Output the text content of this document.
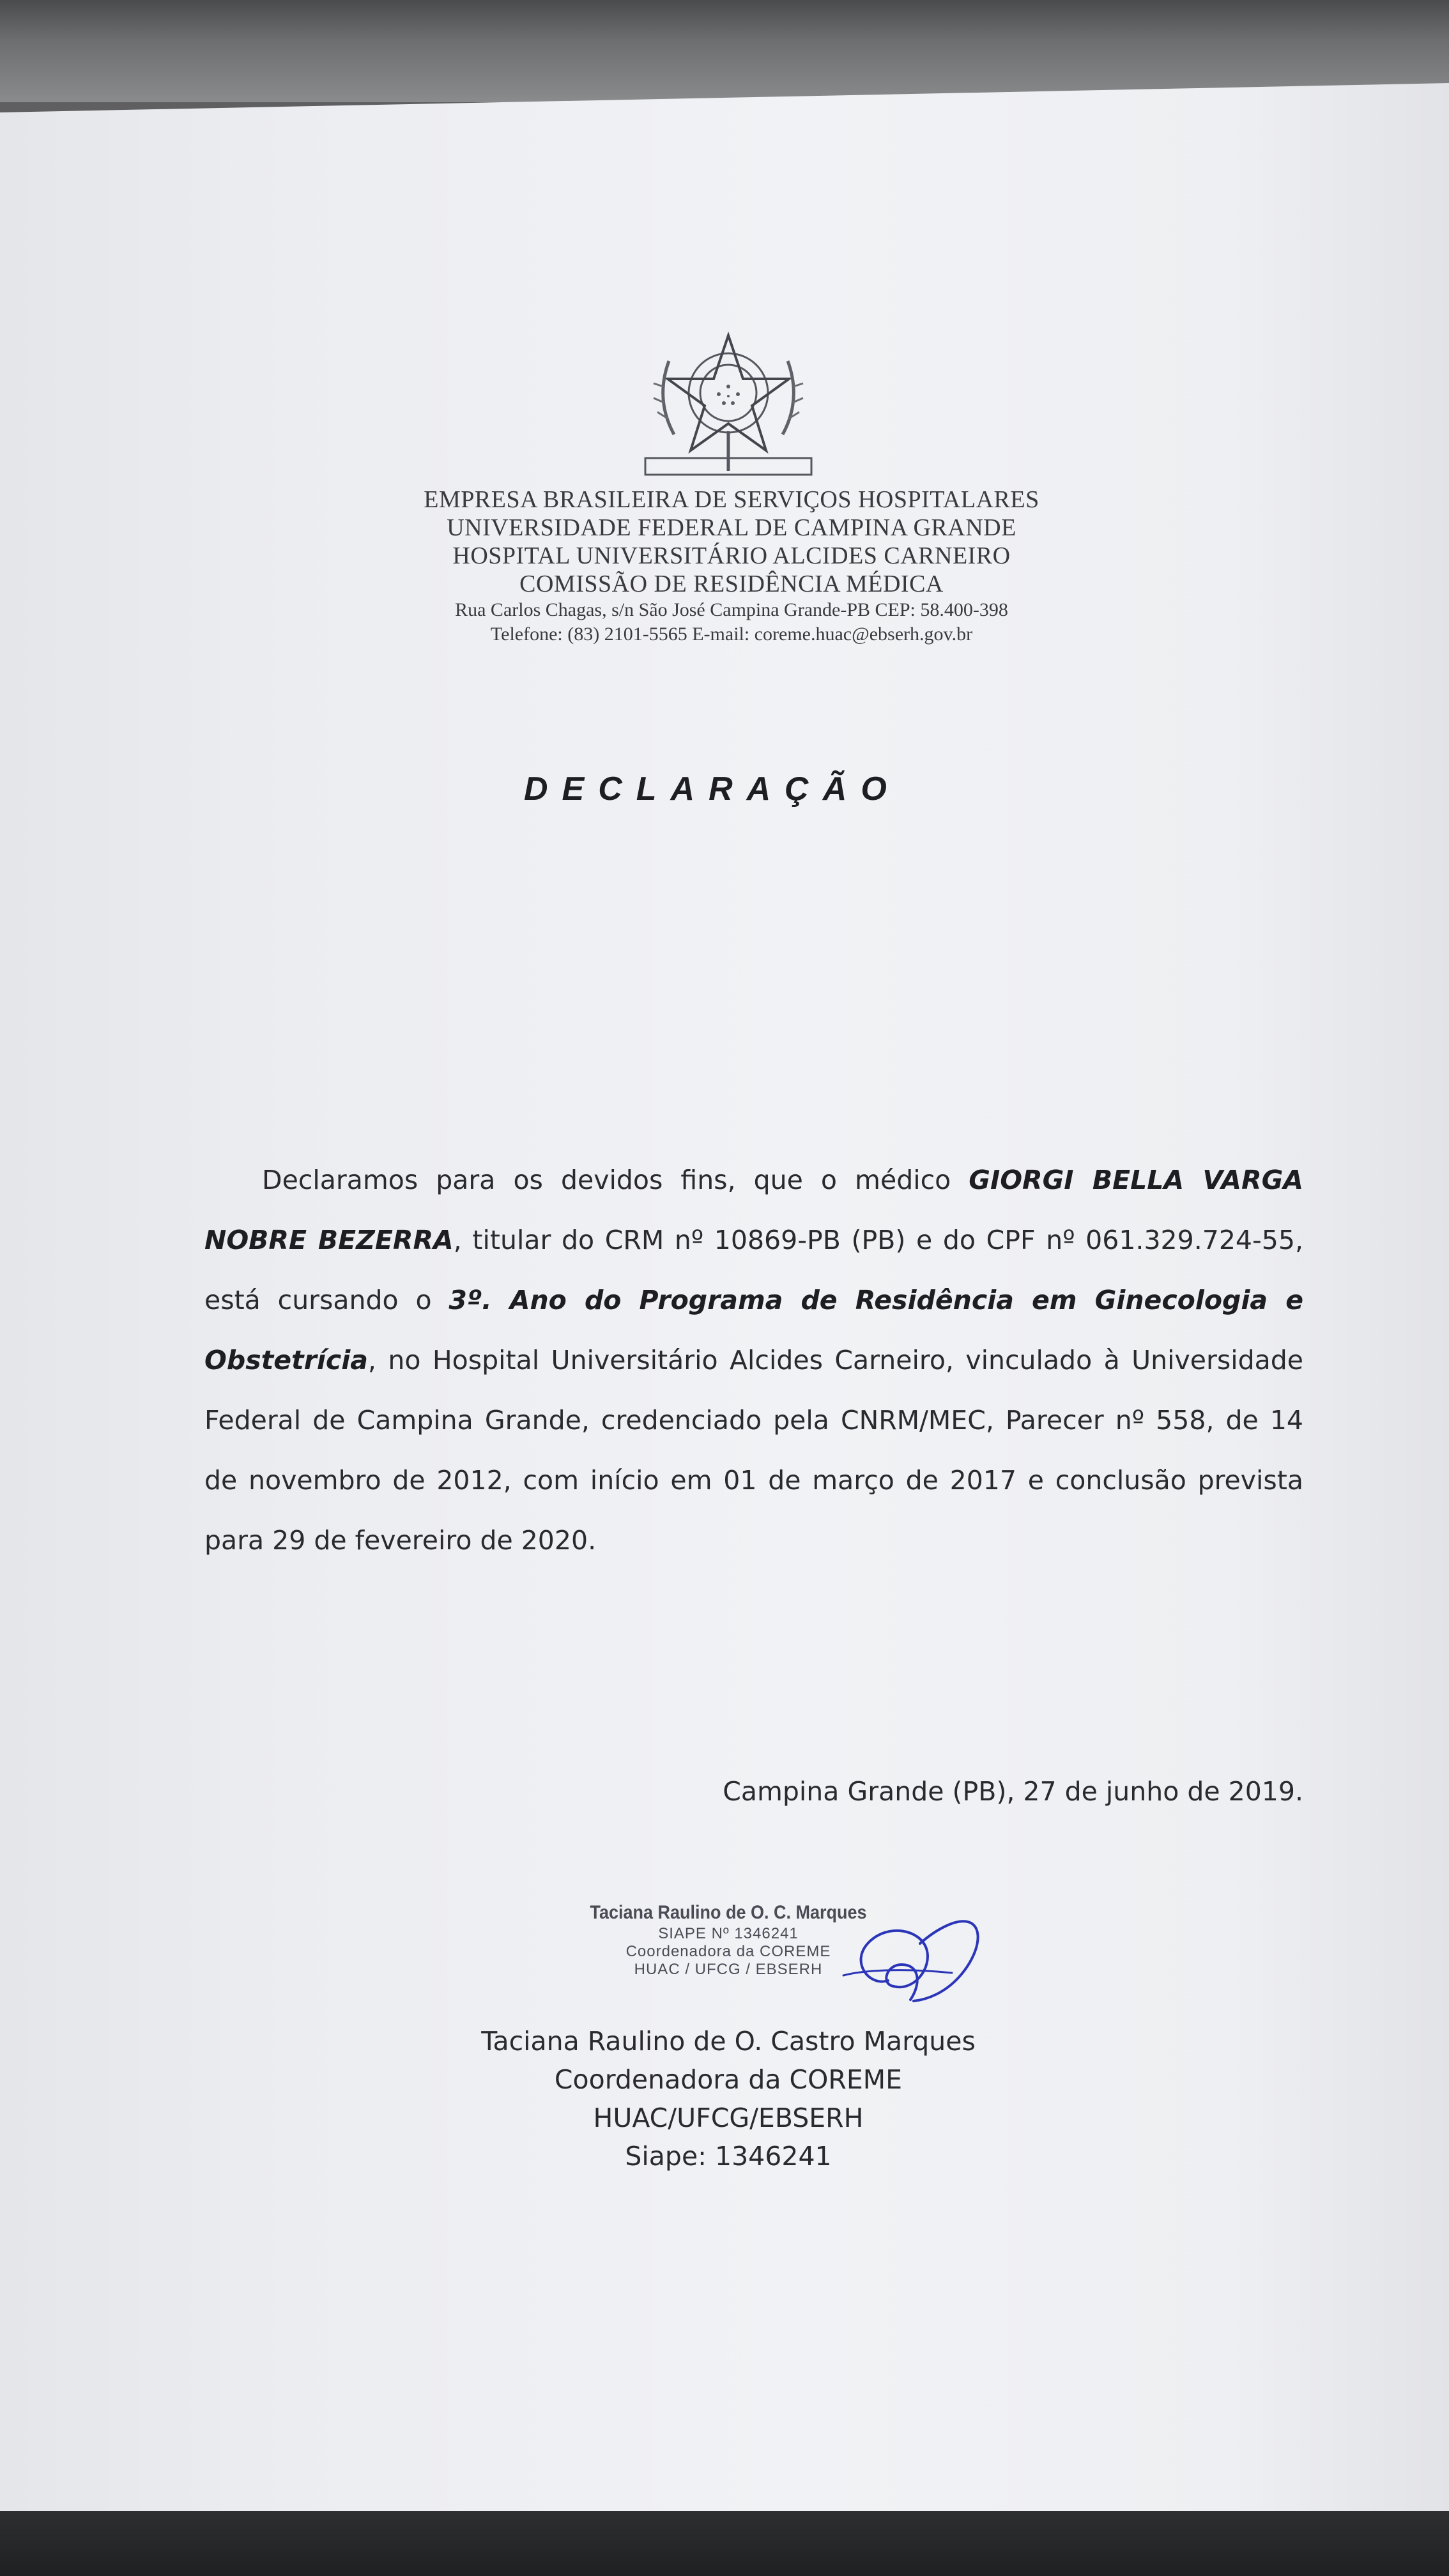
EMPRESA BRASILEIRA DE SERVIÇOS HOSPITALARES
UNIVERSIDADE FEDERAL DE CAMPINA GRANDE
HOSPITAL UNIVERSITÁRIO ALCIDES CARNEIRO
COMISSÃO DE RESIDÊNCIA MÉDICA
Rua Carlos Chagas, s/n São José Campina Grande-PB CEP: 58.400-398
Telefone: (83) 2101-5565 E-mail: coreme.huac@ebserh.gov.br
DECLARAÇÃO
Declaramos para os devidos fins, que o médico GIORGI BELLA VARGA NOBRE BEZERRA, titular do CRM nº 10869-PB (PB) e do CPF nº 061.329.724-55, está cursando o 3º. Ano do Programa de Residência em Ginecologia e Obstetrícia, no Hospital Universitário Alcides Carneiro, vinculado à Universidade Federal de Campina Grande, credenciado pela CNRM/MEC, Parecer nº 558, de 14 de novembro de 2012, com início em 01 de março de 2017 e conclusão prevista para 29 de fevereiro de 2020.
Campina Grande (PB), 27 de junho de 2019.
Taciana Raulino de O. C. Marques
SIAPE Nº 1346241
Coordenadora da COREME
HUAC / UFCG / EBSERH
Taciana Raulino de O. Castro Marques
Coordenadora da COREME
HUAC/UFCG/EBSERH
Siape: 1346241
